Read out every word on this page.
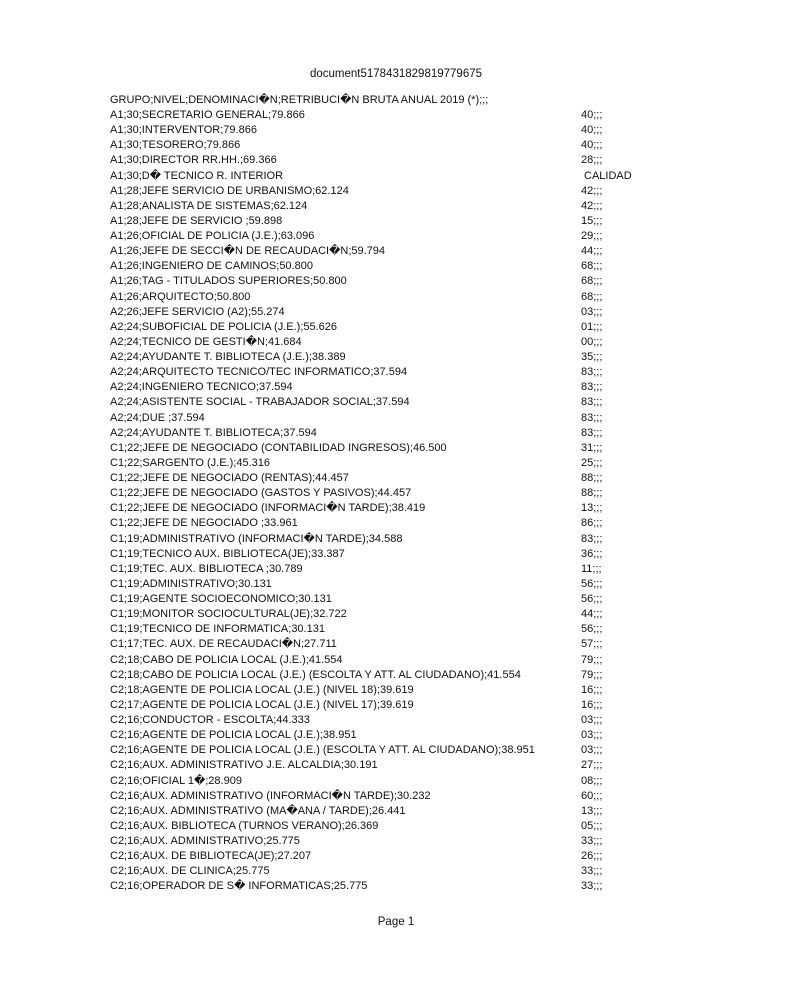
document5178431829819779675
GRUPO;NIVEL;DENOMINACI�N;RETRIBUCI�N BRUTA ANUAL 2019 (*);;;
A1;30;SECRETARIO GENERAL;79.866	40;;;
A1;30;INTERVENTOR;79.866	40;;;
A1;30;TESORERO;79.866	40;;;
A1;30;DIRECTOR RR.HH.;69.366	28;;;
A1;30;D� TECNICO R. INTERIOR	CALIDAD
A1;28;JEFE SERVICIO DE URBANISMO;62.124	42;;;
A1;28;ANALISTA DE SISTEMAS;62.124	42;;;
A1;28;JEFE DE SERVICIO ;59.898	15;;;
A1;26;OFICIAL DE POLICIA (J.E.);63.096	29;;;
A1;26;JEFE DE SECCI�N DE RECAUDACI�N;59.794	44;;;
A1;26;INGENIERO DE CAMINOS;50.800	68;;;
A1;26;TAG - TITULADOS SUPERIORES;50.800	68;;;
A1;26;ARQUITECTO;50.800	68;;;
A2;26;JEFE SERVICIO (A2);55.274	03;;;
A2;24;SUBOFICIAL DE POLICIA (J.E.);55.626	01;;;
A2;24;TECNICO DE GESTI�N;41.684	00;;;
A2;24;AYUDANTE T. BIBLIOTECA (J.E.);38.389	35;;;
A2;24;ARQUITECTO TECNICO/TEC INFORMATICO;37.594	83;;;
A2;24;INGENIERO TECNICO;37.594	83;;;
A2;24;ASISTENTE SOCIAL - TRABAJADOR SOCIAL;37.594	83;;;
A2;24;DUE ;37.594	83;;;
A2;24;AYUDANTE T. BIBLIOTECA;37.594	83;;;
C1;22;JEFE DE NEGOCIADO (CONTABILIDAD INGRESOS);46.500	31;;;
C1;22;SARGENTO (J.E.);45.316	25;;;
C1;22;JEFE DE NEGOCIADO (RENTAS);44.457	88;;;
C1;22;JEFE DE NEGOCIADO (GASTOS Y PASIVOS);44.457	88;;;
C1;22;JEFE DE NEGOCIADO (INFORMACI�N TARDE);38.419	13;;;
C1;22;JEFE DE NEGOCIADO ;33.961	86;;;
C1;19;ADMINISTRATIVO (INFORMACI�N TARDE);34.588	83;;;
C1;19;TECNICO AUX. BIBLIOTECA(JE);33.387	36;;;
C1;19;TEC. AUX. BIBLIOTECA ;30.789	11;;;
C1;19;ADMINISTRATIVO;30.131	56;;;
C1;19;AGENTE SOCIOECONOMICO;30.131	56;;;
C1;19;MONITOR SOCIOCULTURAL(JE);32.722	44;;;
C1;19;TECNICO DE INFORMATICA;30.131	56;;;
C1;17;TEC. AUX. DE RECAUDACI�N;27.711	57;;;
C2;18;CABO DE POLICIA LOCAL (J.E.);41.554	79;;;
C2;18;CABO DE POLICIA LOCAL (J.E.) (ESCOLTA Y ATT. AL CIUDADANO);41.554	79;;;
C2;18;AGENTE DE POLICIA LOCAL (J.E.) (NIVEL 18);39.619	16;;;
C2;17;AGENTE DE POLICIA LOCAL (J.E.) (NIVEL 17);39.619	16;;;
C2;16;CONDUCTOR - ESCOLTA;44.333	03;;;
C2;16;AGENTE DE POLICIA LOCAL (J.E.);38.951	03;;;
C2;16;AGENTE DE POLICIA LOCAL (J.E.) (ESCOLTA Y ATT. AL CIUDADANO);38.951	03;;;
C2;16;AUX. ADMINISTRATIVO J.E. ALCALDIA;30.191	27;;;
C2;16;OFICIAL 1�;28.909	08;;;
C2;16;AUX. ADMINISTRATIVO (INFORMACI�N TARDE);30.232	60;;;
C2;16;AUX. ADMINISTRATIVO (MA�ANA / TARDE);26.441	13;;;
C2;16;AUX. BIBLIOTECA (TURNOS VERANO);26.369	05;;;
C2;16;AUX. ADMINISTRATIVO;25.775	33;;;
C2;16;AUX. DE BIBLIOTECA(JE);27.207	26;;;
C2;16;AUX. DE CLINICA;25.775	33;;;
C2;16;OPERADOR DE S� INFORMATICAS;25.775	33;;;
Page 1
